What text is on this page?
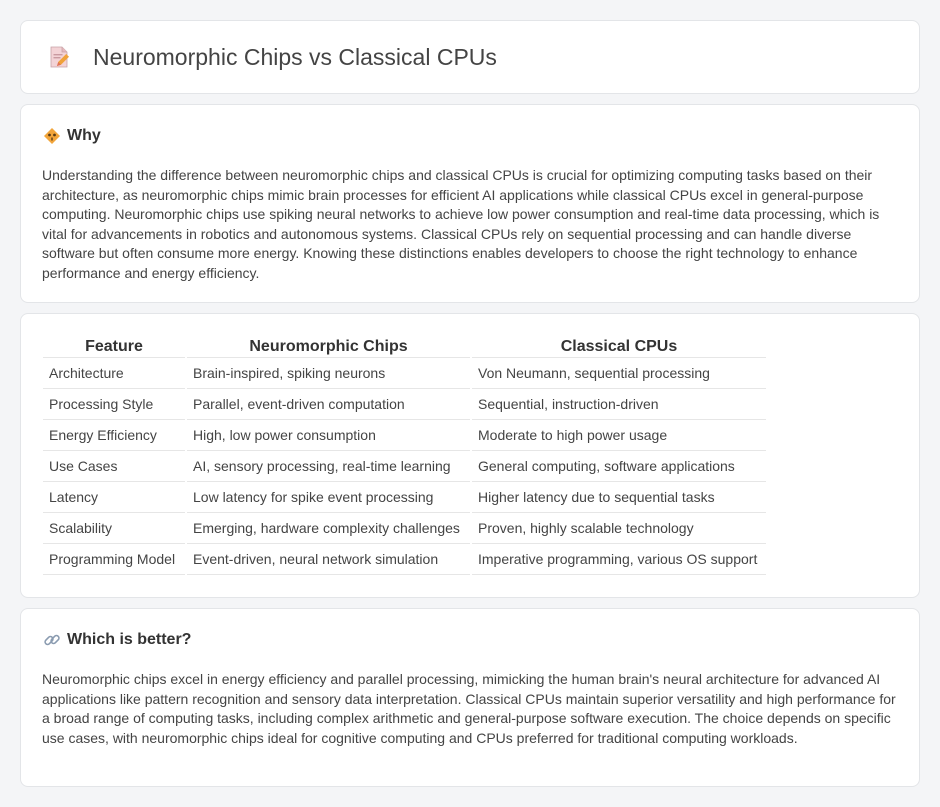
Neuromorphic Chips vs Classical CPUs
Why

Understanding the difference between neuromorphic chips and classical CPUs is crucial for optimizing computing tasks based on their architecture, as neuromorphic chips mimic brain processes for efficient AI applications while classical CPUs excel in general-purpose computing. Neuromorphic chips use spiking neural networks to achieve low power consumption and real-time data processing, which is vital for advancements in robotics and autonomous systems. Classical CPUs rely on sequential processing and can handle diverse software but often consume more energy. Knowing these distinctions enables developers to choose the right technology to enhance performance and energy efficiency.

Feature	Neuromorphic Chips	Classical CPUs
Architecture	Brain-inspired, spiking neurons	Von Neumann, sequential processing
Processing Style	Parallel, event-driven computation	Sequential, instruction-driven
Energy Efficiency	High, low power consumption	Moderate to high power usage
Use Cases	AI, sensory processing, real-time learning	General computing, software applications
Latency	Low latency for spike event processing	Higher latency due to sequential tasks
Scalability	Emerging, hardware complexity challenges	Proven, highly scalable technology
Programming Model	Event-driven, neural network simulation	Imperative programming, various OS support
Which is better?

Neuromorphic chips excel in energy efficiency and parallel processing, mimicking the human brain's neural architecture for advanced AI applications like pattern recognition and sensory data interpretation. Classical CPUs maintain superior versatility and high performance for a broad range of computing tasks, including complex arithmetic and general-purpose software execution. The choice depends on specific use cases, with neuromorphic chips ideal for cognitive computing and CPUs preferred for traditional computing workloads.
